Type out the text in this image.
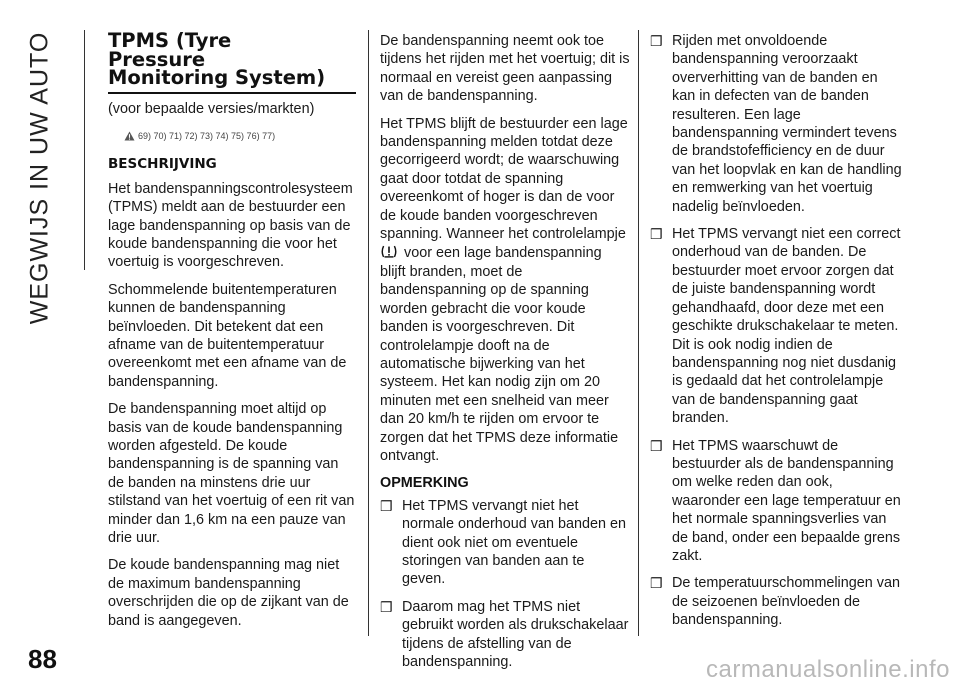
WEGWIJS IN UW AUTO
88
TPMS (Tyre
Pressure
Monitoring System)

(voor bepaalde versies/markten)

69) 70) 71) 72) 73) 74) 75) 76) 77)
BESCHRIJVING

Het bandenspanningscontrolesysteem (TPMS) meldt aan de bestuurder een lage bandenspanning op basis van de koude bandenspanning die voor het voertuig is voorgeschreven.

Schommelende buitentemperaturen kunnen de bandenspanning beïnvloeden. Dit betekent dat een afname van de buitentemperatuur overeenkomt met een afname van de bandenspanning.

De bandenspanning moet altijd op basis van de koude bandenspanning worden afgesteld. De koude bandenspanning is de spanning van de banden na minstens drie uur stilstand van het voertuig of een rit van minder dan 1,6 km na een pauze van drie uur.

De koude bandenspanning mag niet de maximum bandenspanning overschrijden die op de zijkant van de band is aangegeven.

De bandenspanning neemt ook toe tijdens het rijden met het voertuig; dit is normaal en vereist geen aanpassing van de bandenspanning.

Het TPMS blijft de bestuurder een lage bandenspanning melden totdat deze gecorrigeerd wordt; de waarschuwing gaat door totdat de spanning overeenkomt of hoger is dan de voor de koude banden voorgeschreven spanning. Wanneer het controlelampje  voor een lage bandenspanning blijft branden, moet de bandenspanning op de spanning worden gebracht die voor koude banden is voorgeschreven. Dit controlelampje dooft na de automatische bijwerking van het systeem. Het kan nodig zijn om 20 minuten met een snelheid van meer dan 20 km/h te rijden om ervoor te zorgen dat het TPMS deze informatie ontvangt.

OPMERKING
❒ Het TPMS vervangt niet het normale onderhoud van banden en dient ook niet om eventuele storingen van banden aan te geven.
❒ Daarom mag het TPMS niet gebruikt worden als drukschakelaar tijdens de afstelling van de bandenspanning.
❒ Rijden met onvoldoende bandenspanning veroorzaakt oververhitting van de banden en kan in defecten van de banden resulteren. Een lage bandenspanning vermindert tevens de brandstofefficiency en de duur van het loopvlak en kan de handling en remwerking van het voertuig nadelig beïnvloeden.
❒ Het TPMS vervangt niet een correct onderhoud van de banden. De bestuurder moet ervoor zorgen dat de juiste bandenspanning wordt gehandhaafd, door deze met een geschikte drukschakelaar te meten. Dit is ook nodig indien de bandenspanning nog niet dusdanig is gedaald dat het controlelampje van de bandenspanning gaat branden.
❒ Het TPMS waarschuwt de bestuurder als de bandenspanning om welke reden dan ook, waaronder een lage temperatuur en het normale spanningsverlies van de band, onder een bepaalde grens zakt.
❒ De temperatuurschommelingen van de seizoenen beïnvloeden de bandenspanning.
carmanualsonline.info
